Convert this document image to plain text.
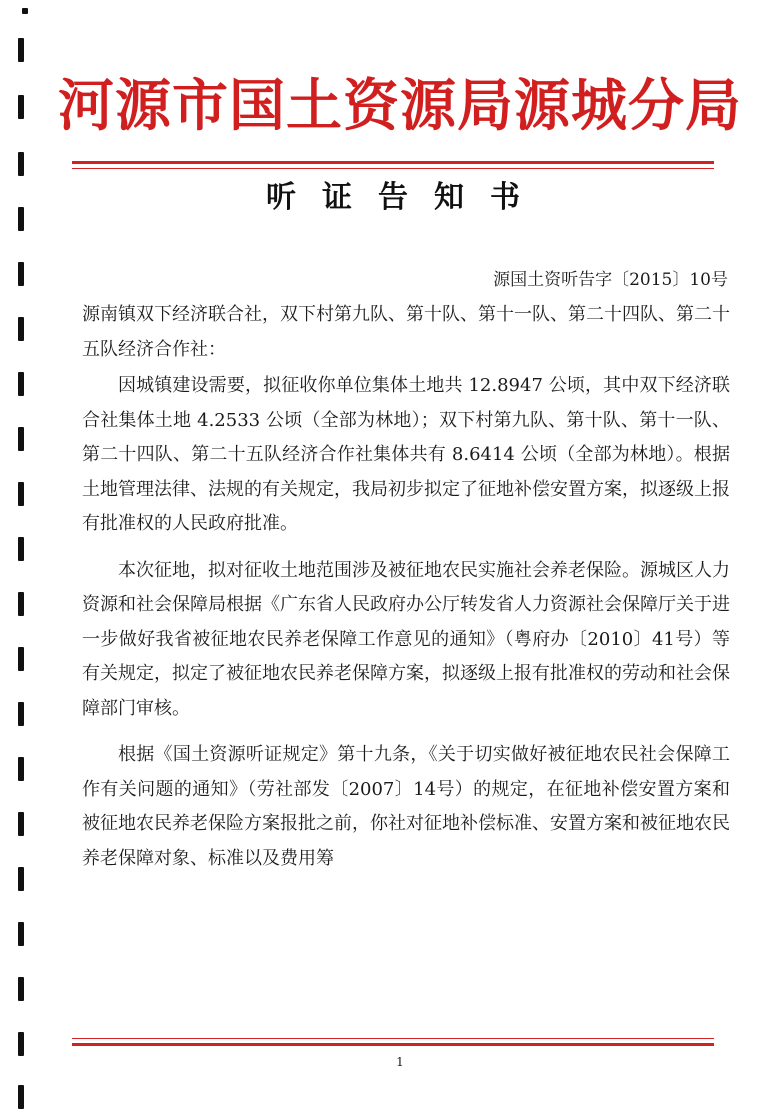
河源市国土资源局源城分局
听证告知书
源国土资听告字〔2015〕10号

源南镇双下经济联合社，双下村第九队、第十队、第十一队、第二十四队、第二十五队经济合作社：

因城镇建设需要，拟征收你单位集体土地共 12.8947 公顷，其中双下经济联合社集体土地 4.2533 公顷（全部为林地）；双下村第九队、第十队、第十一队、第二十四队、第二十五队经济合作社集体共有 8.6414 公顷（全部为林地）。根据土地管理法律、法规的有关规定，我局初步拟定了征地补偿安置方案，拟逐级上报有批准权的人民政府批准。

本次征地，拟对征收土地范围涉及被征地农民实施社会养老保险。源城区人力资源和社会保障局根据《广东省人民政府办公厅转发省人力资源社会保障厅关于进一步做好我省被征地农民养老保障工作意见的通知》（粤府办〔2010〕41号）等有关规定，拟定了被征地农民养老保障方案，拟逐级上报有批准权的劳动和社会保障部门审核。

根据《国土资源听证规定》第十九条，《关于切实做好被征地农民社会保障工作有关问题的通知》（劳社部发〔2007〕14号）的规定，在征地补偿安置方案和被征地农民养老保险方案报批之前，你社对征地补偿标准、安置方案和被征地农民养老保障对象、标准以及费用筹

1
